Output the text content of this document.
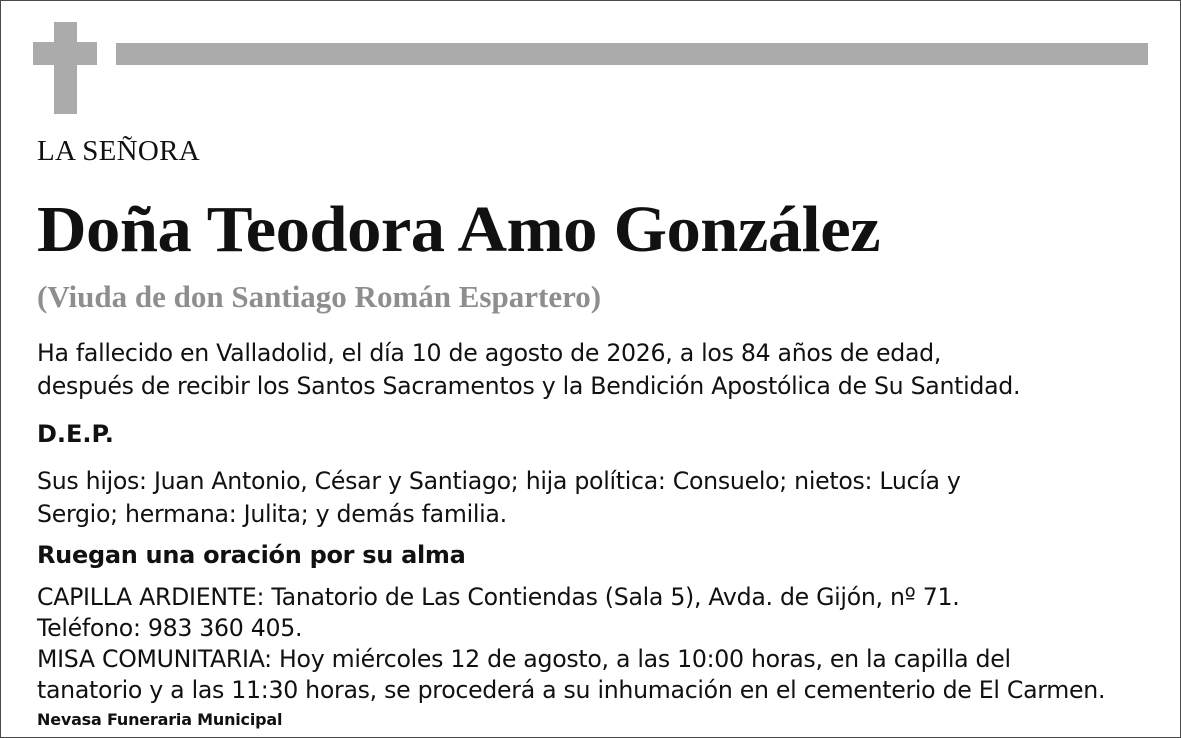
LA SEÑORA

Doña Teodora Amo González

(Viuda de don Santiago Román Espartero)

Ha fallecido en Valladolid, el día 10 de agosto de 2026, a los 84 años de edad,
después de recibir los Santos Sacramentos y la Bendición Apostólica de Su Santidad.

D.E.P.

Sus hijos: Juan Antonio, César y Santiago; hija política: Consuelo; nietos: Lucía y
Sergio; hermana: Julita; y demás familia.

Ruegan una oración por su alma

CAPILLA ARDIENTE: Tanatorio de Las Contiendas (Sala 5), Avda. de Gijón, nº 71.
Teléfono: 983 360 405.
MISA COMUNITARIA: Hoy miércoles 12 de agosto, a las 10:00 horas, en la capilla del
tanatorio y a las 11:30 horas, se procederá a su inhumación en el cementerio de El Carmen.

Nevasa Funeraria Municipal
